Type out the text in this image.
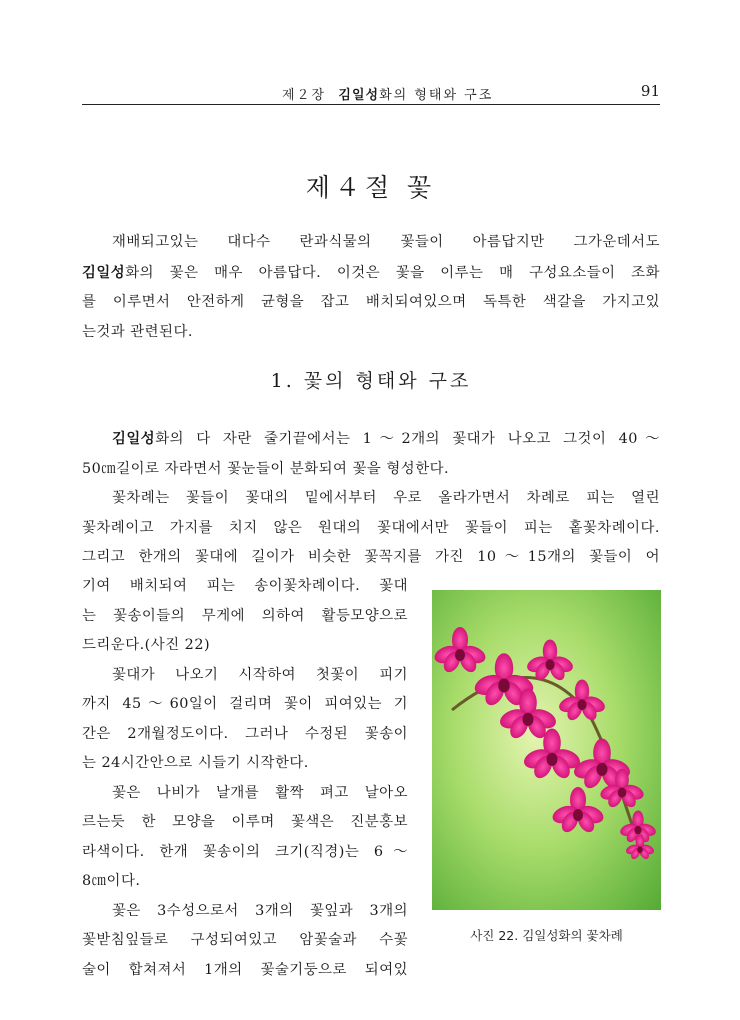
제２장 김일성화의 형태와 구조	91
제４절 꽃
재배되고있는 대다수 란과식물의 꽃들이 아름답지만 그가운데서도
김일성화의 꽃은 매우 아름답다. 이것은 꽃을 이루는 매 구성요소들이 조화
를 이루면서 안전하게 균형을 잡고 배치되여있으며 독특한 색갈을 가지고있
는것과 관련된다.
1. 꽃의 형태와 구조
김일성화의 다 자란 줄기끝에서는 1～2개의 꽃대가 나오고 그것이 40～
50㎝길이로 자라면서 꽃눈들이 분화되여 꽃을 형성한다.
꽃차례는 꽃들이 꽃대의 밑에서부터 우로 올라가면서 차례로 피는 열린
꽃차례이고 가지를 치지 않은 원대의 꽃대에서만 꽃들이 피는 홑꽃차례이다.
그리고 한개의 꽃대에 길이가 비슷한 꽃꼭지를 가진 10～15개의 꽃들이 어
기여 배치되여 피는 송이꽃차례이다. 꽃대
는 꽃송이들의 무게에 의하여 활등모양으로
드리운다.(사진 22)
꽃대가 나오기 시작하여 첫꽃이 피기
까지 45～60일이 걸리며 꽃이 피여있는 기
간은 2개월정도이다. 그러나 수정된 꽃송이
는 24시간안으로 시들기 시작한다.
꽃은 나비가 날개를 활짝 펴고 날아오
르는듯 한 모양을 이루며 꽃색은 진분홍보
라색이다. 한개 꽃송이의 크기(직경)는 6～
8㎝이다.
꽃은 3수성으로서 3개의 꽃잎과 3개의
꽃받침잎들로 구성되여있고 암꽃술과 수꽃
술이 합쳐져서 1개의 꽃술기둥으로 되여있
사진 22. 김일성화의 꽃차례
